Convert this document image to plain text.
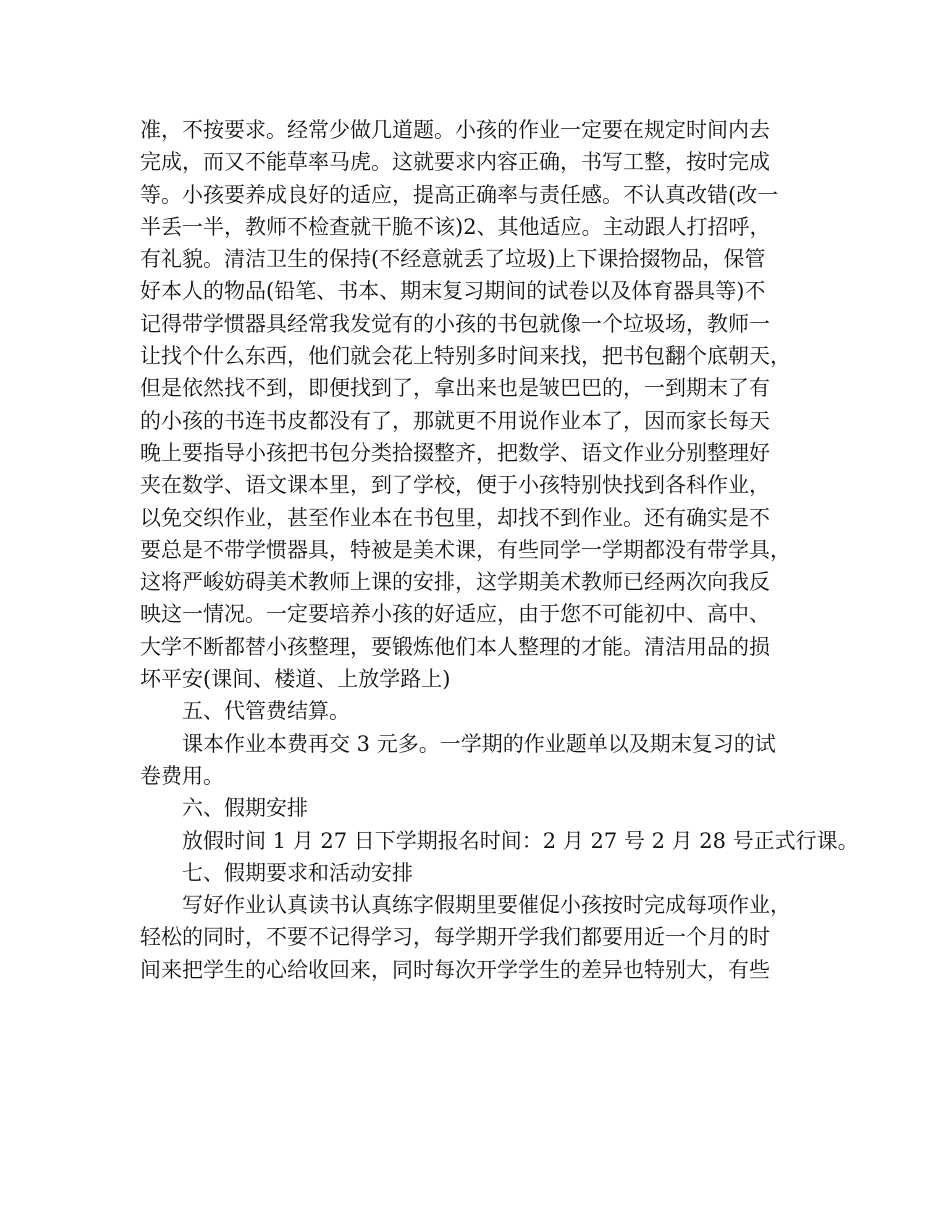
准，不按要求。经常少做几道题。小孩的作业一定要在规定时间内去
完成，而又不能草率马虎。这就要求内容正确，书写工整，按时完成
等。小孩要养成良好的适应，提高正确率与责任感。不认真改错(改一
半丢一半，教师不检查就干脆不该)2、其他适应。主动跟人打招呼，
有礼貌。清洁卫生的保持(不经意就丢了垃圾)上下课拾掇物品，保管
好本人的物品(铅笔、书本、期末复习期间的试卷以及体育器具等)不
记得带学惯器具经常我发觉有的小孩的书包就像一个垃圾场，教师一
让找个什么东西，他们就会花上特别多时间来找，把书包翻个底朝天，
但是依然找不到，即便找到了，拿出来也是皱巴巴的，一到期末了有
的小孩的书连书皮都没有了，那就更不用说作业本了，因而家长每天
晚上要指导小孩把书包分类拾掇整齐，把数学、语文作业分别整理好
夹在数学、语文课本里，到了学校，便于小孩特别快找到各科作业，
以免交织作业，甚至作业本在书包里，却找不到作业。还有确实是不
要总是不带学惯器具，特被是美术课，有些同学一学期都没有带学具，
这将严峻妨碍美术教师上课的安排，这学期美术教师已经两次向我反
映这一情况。一定要培养小孩的好适应，由于您不可能初中、高中、
大学不断都替小孩整理，要锻炼他们本人整理的才能。清洁用品的损
坏平安(课间、楼道、上放学路上)
五、代管费结算。
课本作业本费再交 3 元多。一学期的作业题单以及期末复习的试
卷费用。
六、假期安排
放假时间 1 月 27 日下学期报名时间：2 月 27 号 2 月 28 号正式行课。
七、假期要求和活动安排
写好作业认真读书认真练字假期里要催促小孩按时完成每项作业，
轻松的同时，不要不记得学习，每学期开学我们都要用近一个月的时
间来把学生的心给收回来，同时每次开学学生的差异也特别大，有些
